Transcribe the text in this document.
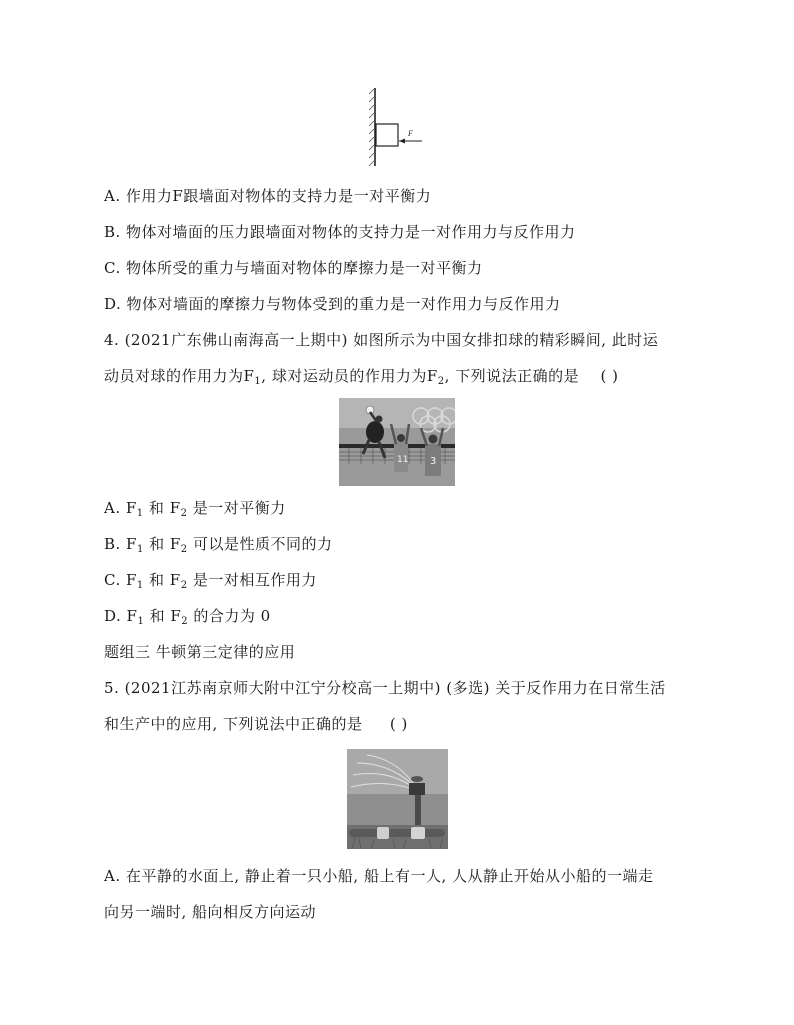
F
A. 作用力F跟墙面对物体的支持力是一对平衡力
B. 物体对墙面的压力跟墙面对物体的支持力是一对作用力与反作用力
C. 物体所受的重力与墙面对物体的摩擦力是一对平衡力
D. 物体对墙面的摩擦力与物体受到的重力是一对作用力与反作用力
4. (2021广东佛山南海高一上期中) 如图所示为中国女排扣球的精彩瞬间, 此时运
动员对球的作用力为$F_1$, 球对运动员的作用力为$F_2$, 下列说法正确的是 ( )
11 3
A. $F_1$ 和 $F_2$ 是一对平衡力
B. $F_1$ 和 $F_2$ 可以是性质不同的力
C. $F_1$ 和 $F_2$ 是一对相互作用力
D. $F_1$ 和 $F_2$ 的合力为 0
题组三 牛顿第三定律的应用
5. (2021江苏南京师大附中江宁分校高一上期中) (多选) 关于反作用力在日常生活
和生产中的应用, 下列说法中正确的是 ( )
A. 在平静的水面上, 静止着一只小船, 船上有一人, 人从静止开始从小船的一端走
向另一端时, 船向相反方向运动
